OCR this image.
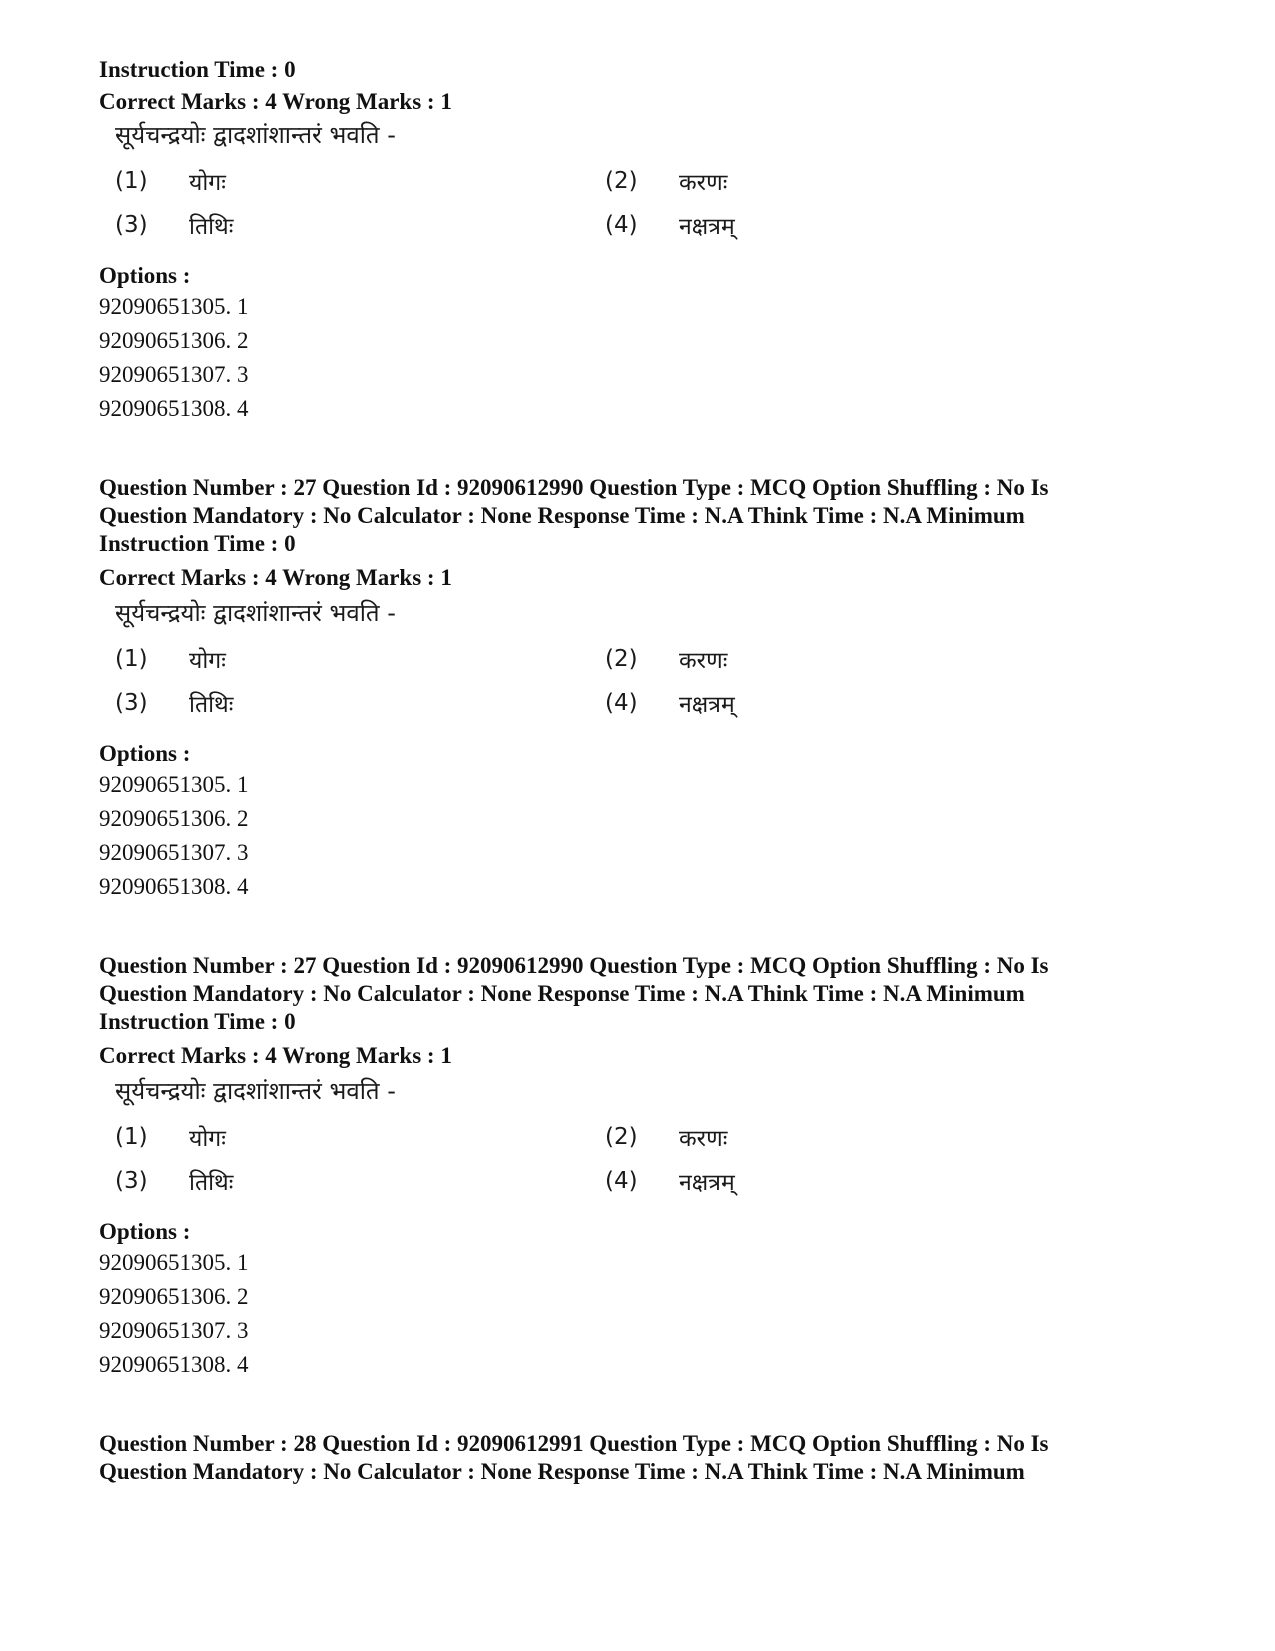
Instruction Time : 0
Correct Marks : 4 Wrong Marks : 1
सूर्यचन्द्रयोः द्वादशांशान्तरं भवति -
(1)	योगः	(2)	करणः
(3)	तिथिः	(4)	नक्षत्रम्
Options :
92090651305. 1
92090651306. 2
92090651307. 3
92090651308. 4
Question Number : 27 Question Id : 92090612990 Question Type : MCQ Option Shuffling : No Is
Question Mandatory : No Calculator : None Response Time : N.A Think Time : N.A Minimum
Instruction Time : 0
Correct Marks : 4 Wrong Marks : 1
सूर्यचन्द्रयोः द्वादशांशान्तरं भवति -
(1)	योगः	(2)	करणः
(3)	तिथिः	(4)	नक्षत्रम्
Options :
92090651305. 1
92090651306. 2
92090651307. 3
92090651308. 4
Question Number : 27 Question Id : 92090612990 Question Type : MCQ Option Shuffling : No Is
Question Mandatory : No Calculator : None Response Time : N.A Think Time : N.A Minimum
Instruction Time : 0
Correct Marks : 4 Wrong Marks : 1
सूर्यचन्द्रयोः द्वादशांशान्तरं भवति -
(1)	योगः	(2)	करणः
(3)	तिथिः	(4)	नक्षत्रम्
Options :
92090651305. 1
92090651306. 2
92090651307. 3
92090651308. 4
Question Number : 28 Question Id : 92090612991 Question Type : MCQ Option Shuffling : No Is
Question Mandatory : No Calculator : None Response Time : N.A Think Time : N.A Minimum
